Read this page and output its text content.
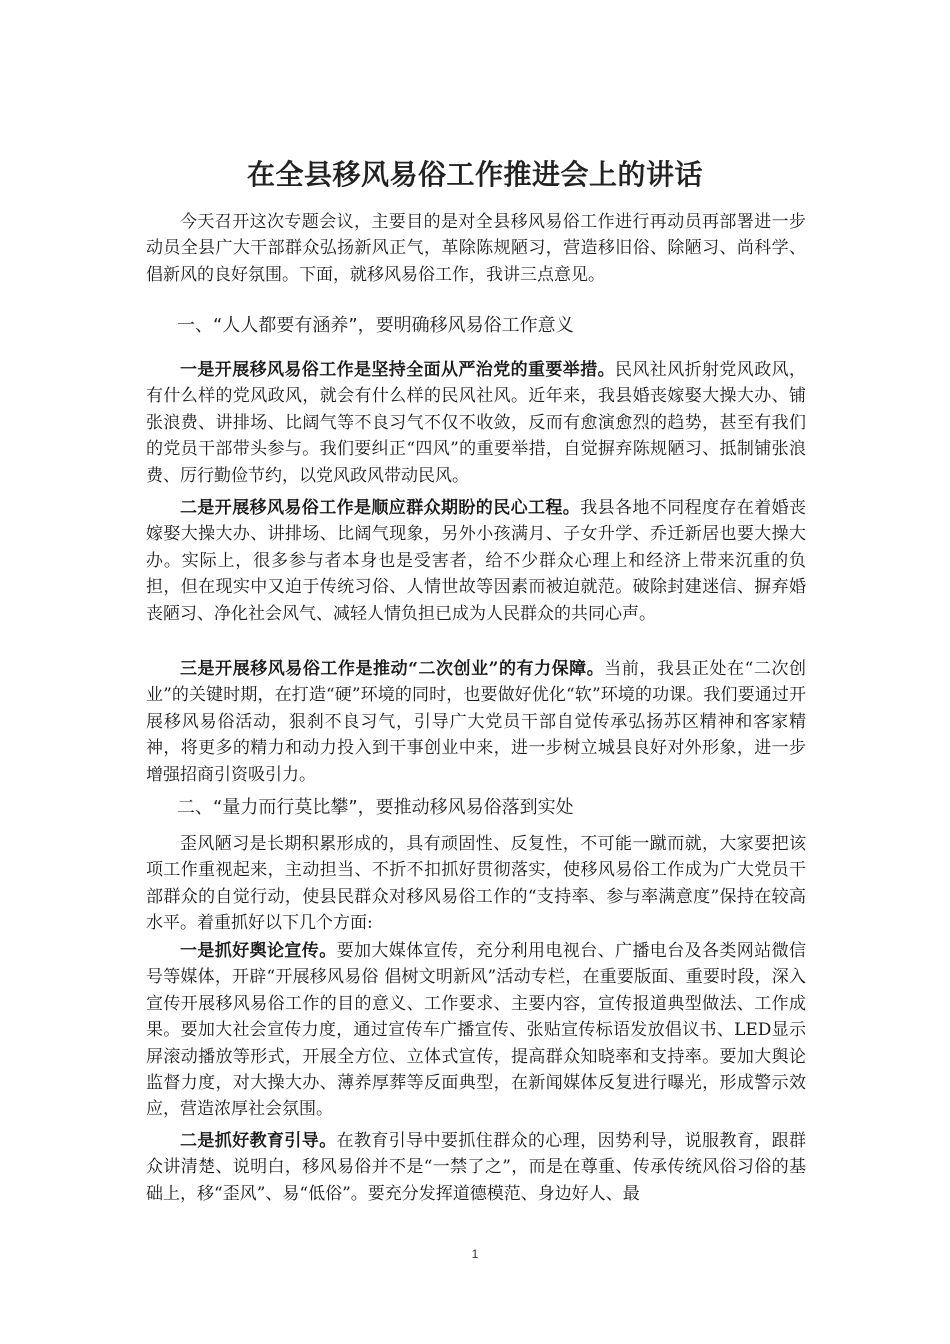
在全县移风易俗工作推进会上的讲话

今天召开这次专题会议，主要目的是对全县移风易俗工作进行再动员再部署进一步动员全县广大干部群众弘扬新风正气，革除陈规陋习，营造移旧俗、除陋习、尚科学、倡新风的良好氛围。下面，就移风易俗工作，我讲三点意见。

一、“人人都要有涵养”，要明确移风易俗工作意义

一是开展移风易俗工作是坚持全面从严治党的重要举措。民风社风折射党风政风，有什么样的党风政风，就会有什么样的民风社风。近年来，我县婚丧嫁娶大操大办、铺张浪费、讲排场、比阔气等不良习气不仅不收敛，反而有愈演愈烈的趋势，甚至有我们的党员干部带头参与。我们要纠正“四风”的重要举措，自觉摒弃陈规陋习、抵制铺张浪费、厉行勤俭节约，以党风政风带动民风。

二是开展移风易俗工作是顺应群众期盼的民心工程。我县各地不同程度存在着婚丧嫁娶大操大办、讲排场、比阔气现象，另外小孩满月、子女升学、乔迁新居也要大操大办。实际上，很多参与者本身也是受害者，给不少群众心理上和经济上带来沉重的负担，但在现实中又迫于传统习俗、人情世故等因素而被迫就范。破除封建迷信、摒弃婚丧陋习、净化社会风气、减轻人情负担已成为人民群众的共同心声。

三是开展移风易俗工作是推动“二次创业”的有力保障。当前，我县正处在“二次创业”的关键时期，在打造“硬”环境的同时，也要做好优化“软”环境的功课。我们要通过开展移风易俗活动，狠刹不良习气，引导广大党员干部自觉传承弘扬苏区精神和客家精神，将更多的精力和动力投入到干事创业中来，进一步树立城县良好对外形象，进一步增强招商引资吸引力。

二、“量力而行莫比攀”，要推动移风易俗落到实处

歪风陋习是长期积累形成的，具有顽固性、反复性，不可能一蹴而就，大家要把该项工作重视起来，主动担当、不折不扣抓好贯彻落实，使移风易俗工作成为广大党员干部群众的自觉行动，使县民群众对移风易俗工作的“支持率、参与率满意度”保持在较高水平。着重抓好以下几个方面:

一是抓好舆论宣传。要加大媒体宣传，充分利用电视台、广播电台及各类网站微信号等媒体，开辟“开展移风易俗 倡树文明新风”活动专栏，在重要版面、重要时段，深入宣传开展移风易俗工作的目的意义、工作要求、主要内容，宣传报道典型做法、工作成果。要加大社会宣传力度，通过宣传车广播宣传、张贴宣传标语发放倡议书、LED显示屏滚动播放等形式，开展全方位、立体式宣传，提高群众知晓率和支持率。要加大舆论监督力度，对大操大办、薄养厚葬等反面典型，在新闻媒体反复进行曝光，形成警示效应，营造浓厚社会氛围。

二是抓好教育引导。在教育引导中要抓住群众的心理，因势利导，说服教育，跟群众讲清楚、说明白，移风易俗并不是“一禁了之”，而是在尊重、传承传统风俗习俗的基础上，移“歪风”、易“低俗”。要充分发挥道德模范、身边好人、最

1
